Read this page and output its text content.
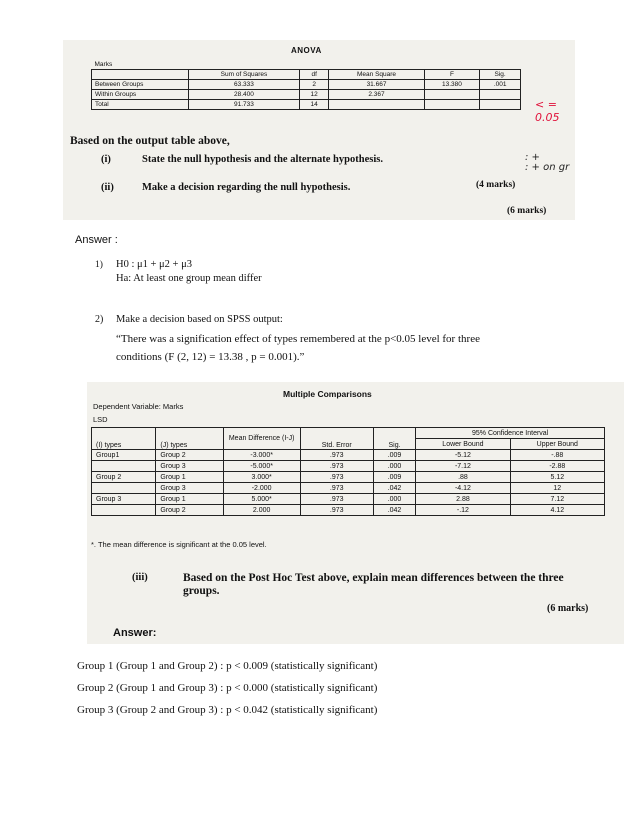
ANOVA
Marks					
	Sum of Squares	df	Mean Square	F	Sig.
Between Groups	63.333	2	31.667	13.380	.001
Within Groups	28.400	12	2.367		
Total	91.733	14				< = 0.05
Based on the output table above,
(i)	State the null hypothesis and the alternate hypothesis.
(ii)	Make a decision regarding the null hypothesis.
: +
: + on gr
(4 marks)
(6 marks)
Answer :
1) H0 : μ1 + μ2 + μ3
Ha: At least one group mean differ
2) Make a decision based on SPSS output:
“There was a signification effect of types remembered at the p<0.05 level for three
conditions (F (2, 12) = 13.38 , p = 0.001).”
Multiple Comparisons
Dependent Variable: Marks
LSD
(I) types	(J) types	Mean Difference (I-J)	Std. Error	Sig.	95% Confidence Interval	
					Lower Bound	Upper Bound
Group1	Group 2	-3.000*	.973	.009	-5.12	-.88
	Group 3	-5.000*	.973	.000	-7.12	-2.88
Group 2	Group 1	3.000*	.973	.009	.88	5.12
	Group 3	-2.000	.973	.042	-4.12	12
Group 3	Group 1	5.000*	.973	.000	2.88	7.12
	Group 2	2.000	.973	.042	-.12	4.12
*. The mean difference is significant at the 0.05 level.
(iii)	Based on the Post Hoc Test above, explain mean differences between the three groups.
(6 marks)
Answer:
Group 1 (Group 1 and Group 2) : p < 0.009 (statistically significant)
Group 2 (Group 1 and Group 3) : p < 0.000 (statistically significant)
Group 3 (Group 2 and Group 3) : p < 0.042 (statistically significant)
